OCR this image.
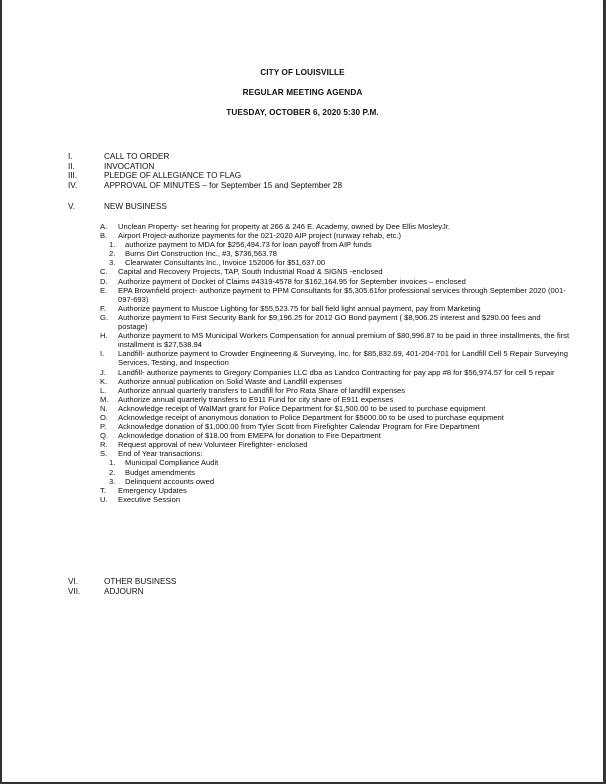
CITY OF LOUISVILLE
REGULAR MEETING AGENDA
TUESDAY, OCTOBER 6, 2020 5:30 P.M.
I.	CALL TO ORDER
II.	INVOCATION
III.	PLEDGE OF ALLEGIANCE TO FLAG
IV.	APPROVAL OF MINUTES – for September 15 and September 28
V.	NEW BUSINESS
A.	Unclean Property- set hearing for property at 266 & 246 E. Academy, owned by Dee Ellis MosleyJr.
B.	Airport Project-authorize payments for the 021-2020 AIP project (runway rehab, etc.)
1.	authorize payment to MDA for $256,494.73 for loan payoff from AIP funds
2.	Burns Dirt Construction Inc., #3, $736,563.78
3.	Clearwater Consultants Inc., Invoice 152006 for $51,637.00
C.	Capital and Recovery Projects, TAP, South Industrial Road & SIGNS -enclosed
D.	Authorize payment of Docket of Claims #4319-4578 for $162,164.95 for September invoices – enclosed
E.	EPA Brownfield project- authorize payment to PPM Consultants for $5,305.61for professional services through September 2020 (001-097-693)
F.	Authorize payment to Muscoe Lighting for $55,523.75 for ball field light annual payment, pay from Marketing
G.	Authorize payment to First Security Bank for $9,196.25 for 2012 GO Bond payment ( $8,906.25 interest and $290.00 fees and postage)
H.	Authorize payment to MS Municipal Workers Compensation for annual premium of $80,996.87 to be paid in three installments, the first installment is $27,538.94
I.	Landfill- authorize payment to Crowder Engineering & Surveying, Inc. for $85,832.69, 401-204-701 for Landfill Cell 5 Repair Surveying Services, Testing, and Inspection
J.	Landfill- authorize payments to Gregory Companies LLC dba as Landco Contracting for pay app #8 for $56,974.57 for cell 5 repair
K.	Authorize annual publication on Solid Waste and Landfill expenses
L.	Authorize annual quarterly transfers to Landfill for Pro Rata Share of landfill expenses
M.	Authorize annual quarterly transfers to E911 Fund for city share of E911 expenses
N.	Acknowledge receipt of WalMart grant for Police Department for $1,500.00 to be used to purchase equipment
O.	Acknowledge receipt of anonymous donation to Police Department for $5000.00 to be used to purchase equipment
P.	Acknowledge donation of $1,000.00 from Tyler Scott from Firefighter Calendar Program for Fire Department
Q.	Acknowledge donation of $18.00 from EMEPA for donation to Fire Department
R.	Request approval of new Volunteer Firefighter- enclosed
S.	End of Year transactions:
1.	Municipal Compliance Audit
2.	Budget amendments
3.	Delinquent accounts owed
T.	Emergency Updates
U.	Executive Session
VI.	OTHER BUSINESS
VII.	ADJOURN
